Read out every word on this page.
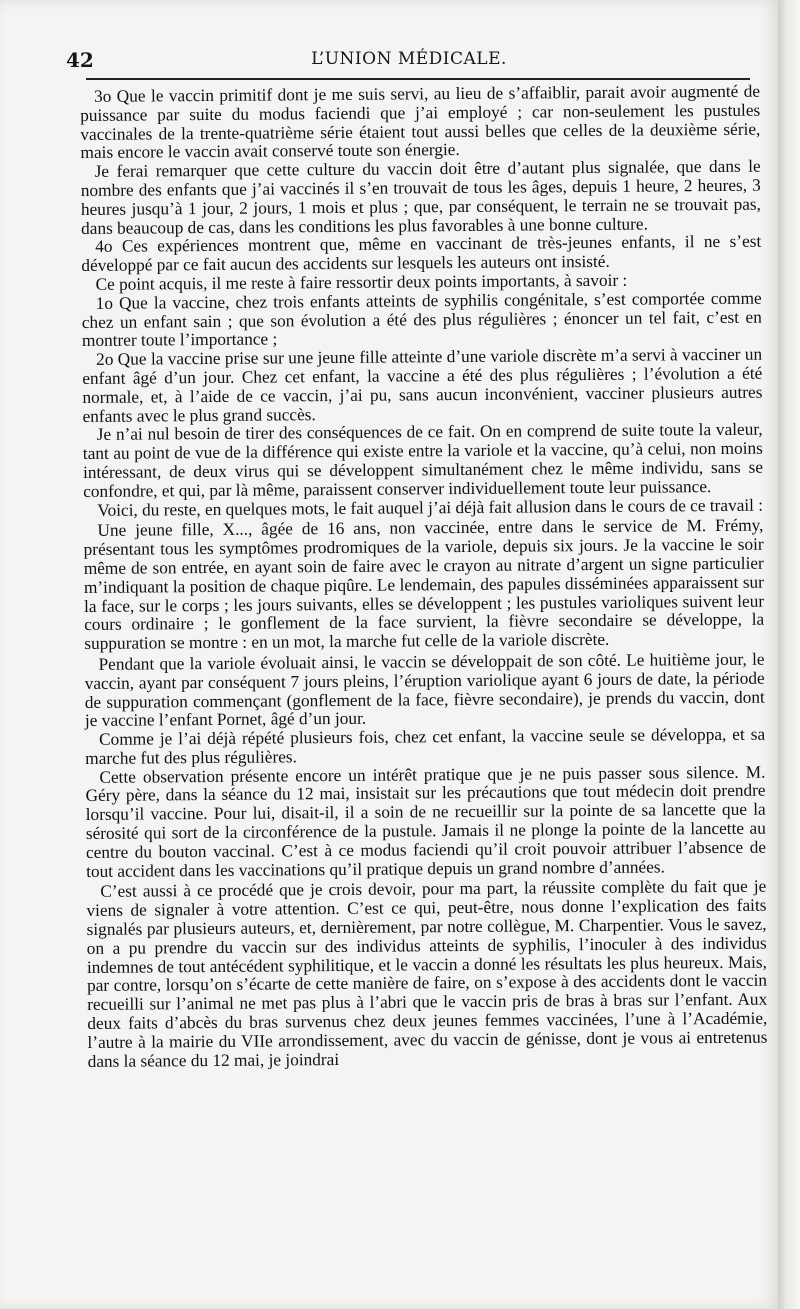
42	L’UNION MÉDICALE.

3o Que le vaccin primitif dont je me suis servi, au lieu de s’affaiblir, parait avoir augmenté de puissance par suite du modus faciendi que j’ai employé ; car non-seulement les pustules vaccinales de la trente-quatrième série étaient tout aussi belles que celles de la deuxième série, mais encore le vaccin avait conservé toute son énergie.

Je ferai remarquer que cette culture du vaccin doit être d’autant plus signalée, que dans le nombre des enfants que j’ai vaccinés il s’en trouvait de tous les âges, depuis 1 heure, 2 heures, 3 heures jusqu’à 1 jour, 2 jours, 1 mois et plus ; que, par conséquent, le terrain ne se trouvait pas, dans beaucoup de cas, dans les conditions les plus favorables à une bonne culture.

4o Ces expériences montrent que, même en vaccinant de très-jeunes enfants, il ne s’est développé par ce fait aucun des accidents sur lesquels les auteurs ont insisté.

Ce point acquis, il me reste à faire ressortir deux points importants, à savoir :

1o Que la vaccine, chez trois enfants atteints de syphilis congénitale, s’est comportée comme chez un enfant sain ; que son évolution a été des plus régulières ; énoncer un tel fait, c’est en montrer toute l’importance ;

2o Que la vaccine prise sur une jeune fille atteinte d’une variole discrète m’a servi à vacciner un enfant âgé d’un jour. Chez cet enfant, la vaccine a été des plus régulières ; l’évolution a été normale, et, à l’aide de ce vaccin, j’ai pu, sans aucun inconvénient, vacciner plusieurs autres enfants avec le plus grand succès.

Je n’ai nul besoin de tirer des conséquences de ce fait. On en comprend de suite toute la valeur, tant au point de vue de la différence qui existe entre la variole et la vaccine, qu’à celui, non moins intéressant, de deux virus qui se développent simultanément chez le même individu, sans se confondre, et qui, par là même, paraissent conserver individuellement toute leur puissance.

Voici, du reste, en quelques mots, le fait auquel j’ai déjà fait allusion dans le cours de ce travail :

Une jeune fille, X..., âgée de 16 ans, non vaccinée, entre dans le service de M. Frémy, présentant tous les symptômes prodromiques de la variole, depuis six jours. Je la vaccine le soir même de son entrée, en ayant soin de faire avec le crayon au nitrate d’argent un signe particulier m’indiquant la position de chaque piqûre. Le lendemain, des papules disséminées apparaissent sur la face, sur le corps ; les jours suivants, elles se développent ; les pustules varioliques suivent leur cours ordinaire ; le gonflement de la face survient, la fièvre secondaire se développe, la suppuration se montre : en un mot, la marche fut celle de la variole discrète.

Pendant que la variole évoluait ainsi, le vaccin se développait de son côté. Le huitième jour, le vaccin, ayant par conséquent 7 jours pleins, l’éruption variolique ayant 6 jours de date, la période de suppuration commençant (gonflement de la face, fièvre secondaire), je prends du vaccin, dont je vaccine l’enfant Pornet, âgé d’un jour.

Comme je l’ai déjà répété plusieurs fois, chez cet enfant, la vaccine seule se développa, et sa marche fut des plus régulières.

Cette observation présente encore un intérêt pratique que je ne puis passer sous silence. M. Géry père, dans la séance du 12 mai, insistait sur les précautions que tout médecin doit prendre lorsqu’il vaccine. Pour lui, disait-il, il a soin de ne recueillir sur la pointe de sa lancette que la sérosité qui sort de la circonférence de la pustule. Jamais il ne plonge la pointe de la lancette au centre du bouton vaccinal. C’est à ce modus faciendi qu’il croit pouvoir attribuer l’absence de tout accident dans les vaccinations qu’il pratique depuis un grand nombre d’années.

C’est aussi à ce procédé que je crois devoir, pour ma part, la réussite complète du fait que je viens de signaler à votre attention. C’est ce qui, peut-être, nous donne l’explication des faits signalés par plusieurs auteurs, et, dernièrement, par notre collègue, M. Charpentier. Vous le savez, on a pu prendre du vaccin sur des individus atteints de syphilis, l’inoculer à des individus indemnes de tout antécédent syphilitique, et le vaccin a donné les résultats les plus heureux. Mais, par contre, lorsqu’on s’écarte de cette manière de faire, on s’expose à des accidents dont le vaccin recueilli sur l’animal ne met pas plus à l’abri que le vaccin pris de bras à bras sur l’enfant. Aux deux faits d’abcès du bras survenus chez deux jeunes femmes vaccinées, l’une à l’Académie, l’autre à la mairie du VIIe arrondissement, avec du vaccin de génisse, dont je vous ai entretenus dans la séance du 12 mai, je joindrai
